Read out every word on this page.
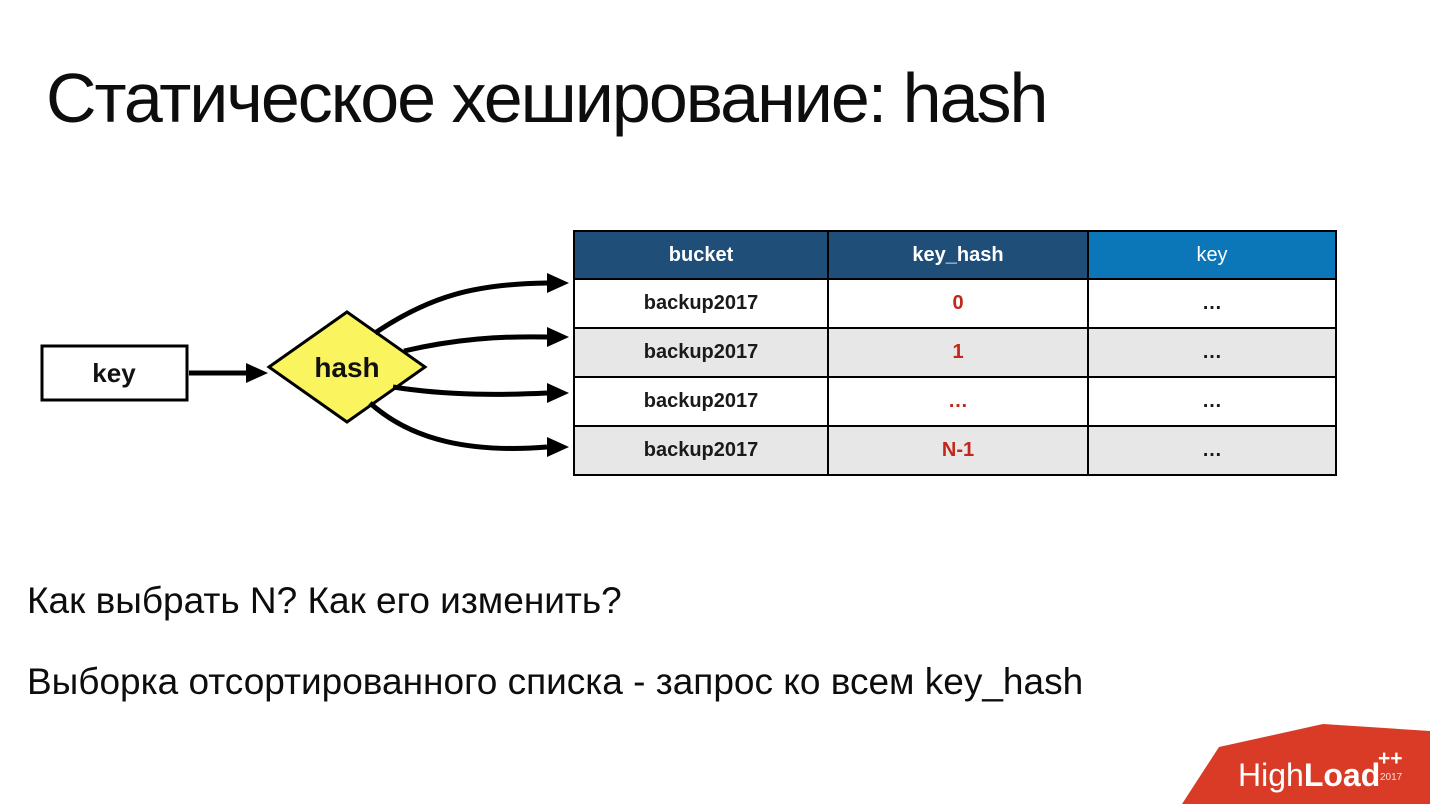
Статическое хеширование: hash
key	hash
bucket	key_hash	key
backup2017	0	…
backup2017	1	…
backup2017	…	…
backup2017	N-1	…
Как выбрать N? Как его изменить?
Выборка отсортированного списка - запрос ко всем key_hash
HighLoad
++
2017
